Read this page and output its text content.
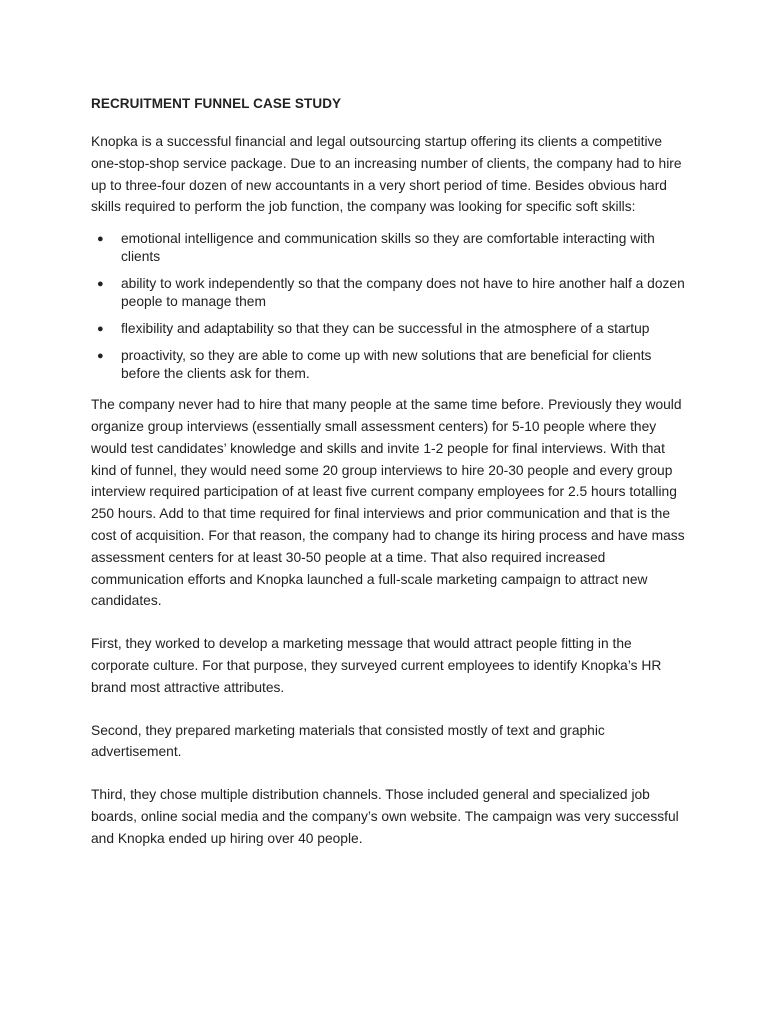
RECRUITMENT FUNNEL CASE STUDY

Knopka is a successful financial and legal outsourcing startup offering its clients a competitive one-stop-shop service package. Due to an increasing number of clients, the company had to hire up to three-four dozen of new accountants in a very short period of time. Besides obvious hard skills required to perform the job function, the company was looking for specific soft skills:

● emotional intelligence and communication skills so they are comfortable interacting with clients
● ability to work independently so that the company does not have to hire another half a dozen people to manage them
● flexibility and adaptability so that they can be successful in the atmosphere of a startup
● proactivity, so they are able to come up with new solutions that are beneficial for clients before the clients ask for them.

The company never had to hire that many people at the same time before. Previously they would organize group interviews (essentially small assessment centers) for 5-10 people where they would test candidates’ knowledge and skills and invite 1-2 people for final interviews. With that kind of funnel, they would need some 20 group interviews to hire 20-30 people and every group interview required participation of at least five current company employees for 2.5 hours totalling 250 hours. Add to that time required for final interviews and prior communication and that is the cost of acquisition. For that reason, the company had to change its hiring process and have mass assessment centers for at least 30-50 people at a time. That also required increased communication efforts and Knopka launched a full-scale marketing campaign to attract new candidates.

First, they worked to develop a marketing message that would attract people fitting in the corporate culture. For that purpose, they surveyed current employees to identify Knopka’s HR brand most attractive attributes.

Second, they prepared marketing materials that consisted mostly of text and graphic advertisement.

Third, they chose multiple distribution channels. Those included general and specialized job boards, online social media and the company’s own website. The campaign was very successful and Knopka ended up hiring over 40 people.
